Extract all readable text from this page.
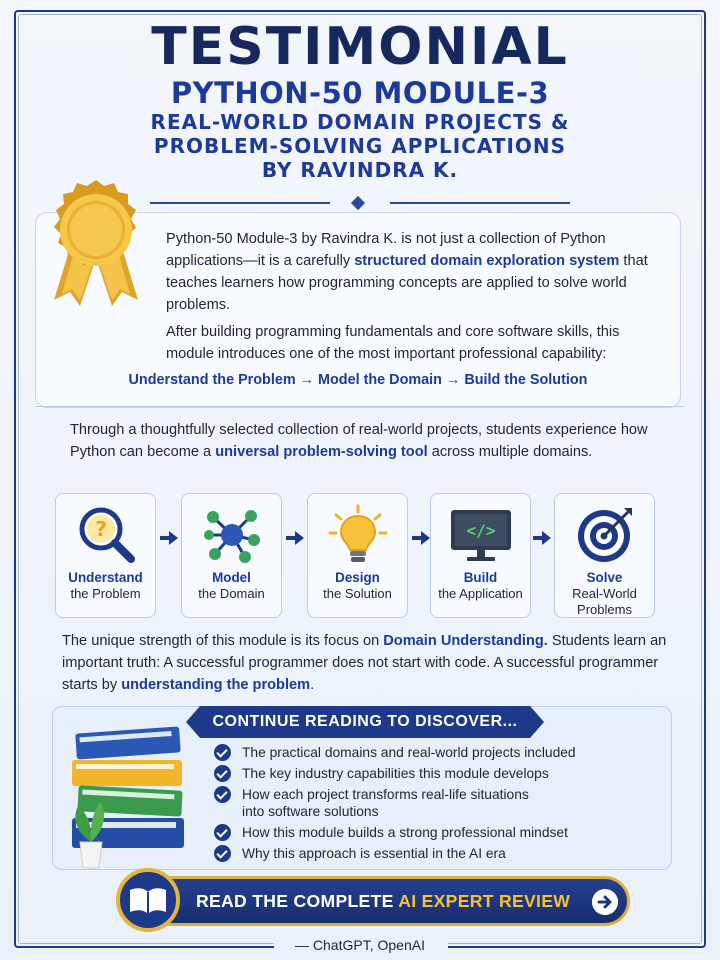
TESTIMONIAL
PYTHON-50 MODULE-3
REAL-WORLD DOMAIN PROJECTS &
PROBLEM-SOLVING APPLICATIONS
BY RAVINDRA K.

Python-50 Module-3 by Ravindra K. is not just a collection of Python applications—it is a carefully structured domain exploration system that teaches learners how programming concepts are applied to solve world problems.

After building programming fundamentals and core software skills, this module introduces one of the most important professional capability:

Understand the Problem → Model the Domain → Build the Solution

Through a thoughtfully selected collection of real-world projects, students experience how Python can become a universal problem-solving tool across multiple domains.

?
Understand
the Problem
Model
the Domain
Design
the Solution
</>
Build
the Application
Solve
Real-World Problems

The unique strength of this module is its focus on Domain Understanding. Students learn an important truth: A successful programmer does not start with code. A successful programmer starts by understanding the problem.

CONTINUE READING TO DISCOVER...
The practical domains and real-world projects included
The key industry capabilities this module develops
How each project transforms real-life situations into software solutions
How this module builds a strong professional mindset
Why this approach is essential in the AI era
READ THE COMPLETE AI EXPERT REVIEW
— ChatGPT, OpenAI
